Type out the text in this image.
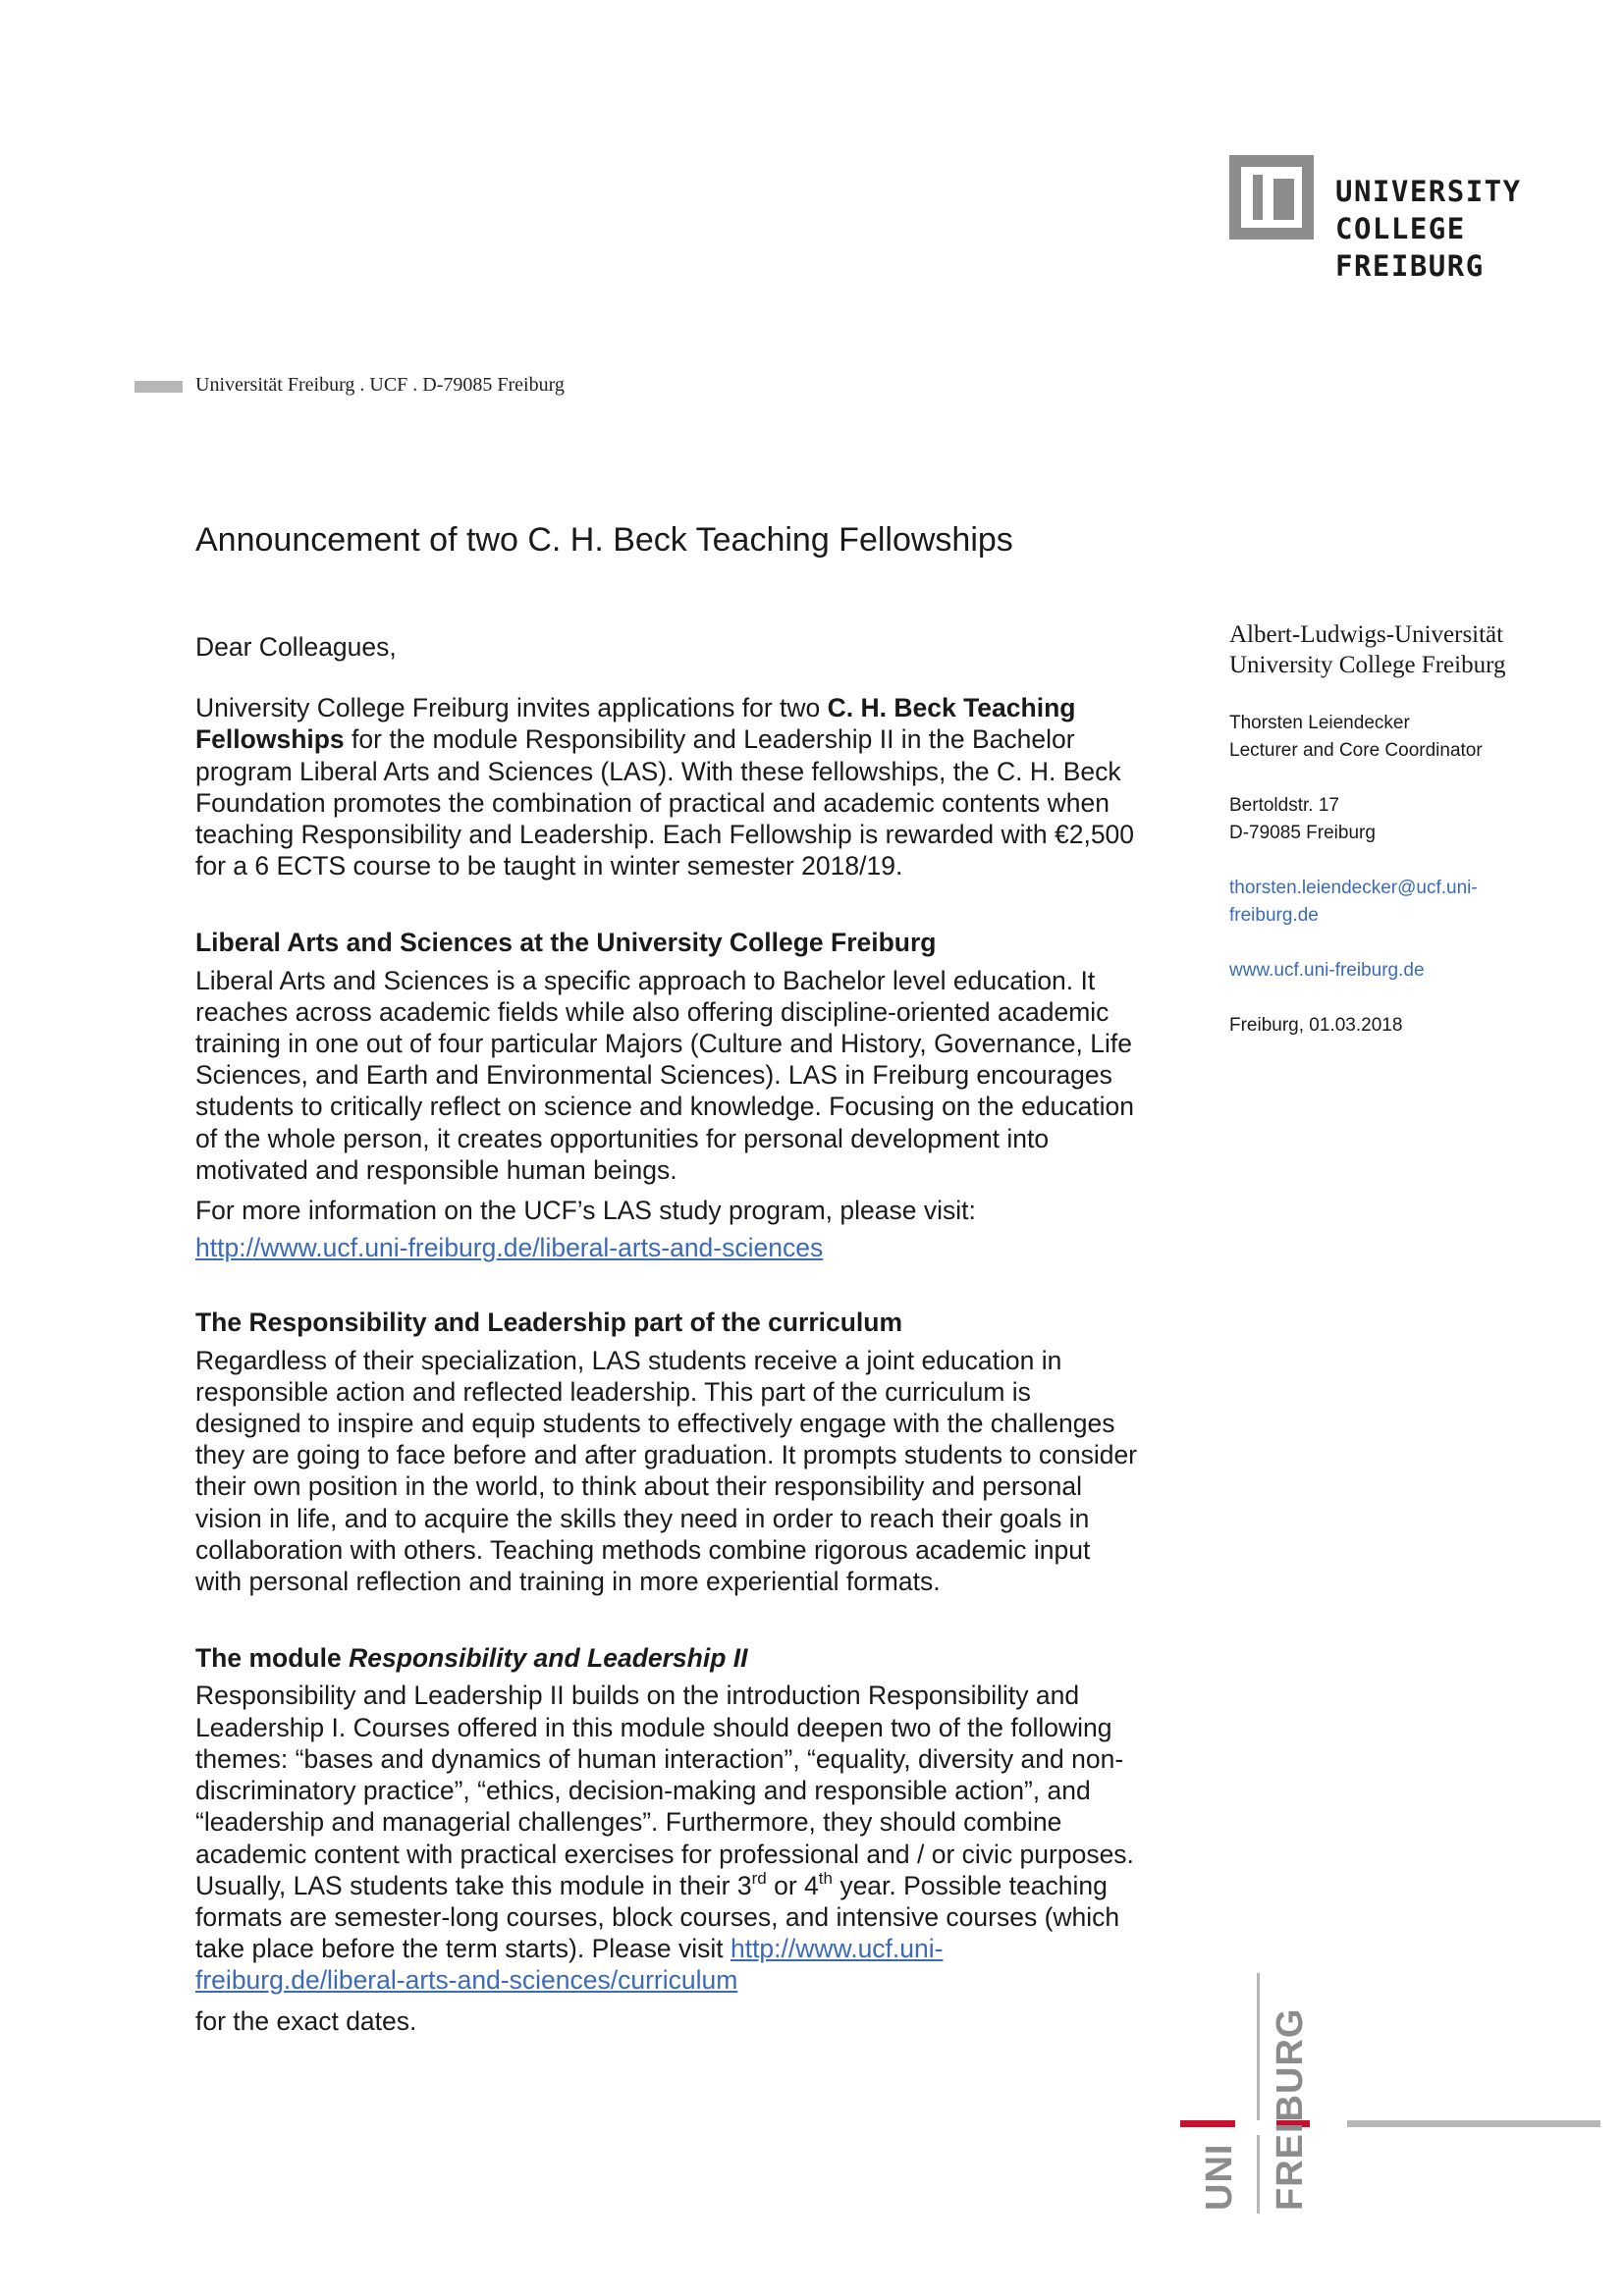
UNIVERSITY
COLLEGE
FREIBURG
Universität Freiburg . UCF . D-79085 Freiburg
Announcement of two C. H. Beck Teaching Fellowships

Dear Colleagues,

University College Freiburg invites applications for two C. H. Beck Teaching Fellowships for the module Responsibility and Leadership II in the Bachelor program Liberal Arts and Sciences (LAS). With these fellowships, the C. H. Beck Foundation promotes the combination of practical and academic contents when teaching Responsibility and Leadership. Each Fellowship is rewarded with €2,500 for a 6 ECTS course to be taught in winter semester 2018/19.

Liberal Arts and Sciences at the University College Freiburg

Liberal Arts and Sciences is a specific approach to Bachelor level education. It reaches across academic fields while also offering discipline-oriented academic training in one out of four particular Majors (Culture and History, Governance, Life Sciences, and Earth and Environmental Sciences). LAS in Freiburg encourages students to critically reflect on science and knowledge. Focusing on the education of the whole person, it creates opportunities for personal development into motivated and responsible human beings.

For more information on the UCF’s LAS study program, please visit:

http://www.ucf.uni-freiburg.de/liberal-arts-and-sciences

The Responsibility and Leadership part of the curriculum

Regardless of their specialization, LAS students receive a joint education in responsible action and reflected leadership. This part of the curriculum is designed to inspire and equip students to effectively engage with the challenges they are going to face before and after graduation. It prompts students to consider their own position in the world, to think about their responsibility and personal vision in life, and to acquire the skills they need in order to reach their goals in collaboration with others. Teaching methods combine rigorous academic input with personal reflection and training in more experiential formats.

The module Responsibility and Leadership II

Responsibility and Leadership II builds on the introduction Responsibility and Leadership I. Courses offered in this module should deepen two of the following themes: “bases and dynamics of human interaction”, “equality, diversity and non-discriminatory practice”, “ethics, decision-making and responsible action”, and “leadership and managerial challenges”. Furthermore, they should combine academic content with practical exercises for professional and / or civic purposes. Usually, LAS students take this module in their 3rd or 4th year. Possible teaching formats are semester-long courses, block courses, and intensive courses (which take place before the term starts). Please visit http://www.ucf.uni-freiburg.de/liberal-arts-and-sciences/curriculum

for the exact dates.

Albert-Ludwigs-Universität
University College Freiburg

Thorsten Leiendecker
Lecturer and Core Coordinator

Bertoldstr. 17
D-79085 Freiburg

thorsten.leiendecker@ucf.uni-
freiburg.de

www.ucf.uni-freiburg.de

Freiburg, 01.03.2018

UNI FREIBURG
